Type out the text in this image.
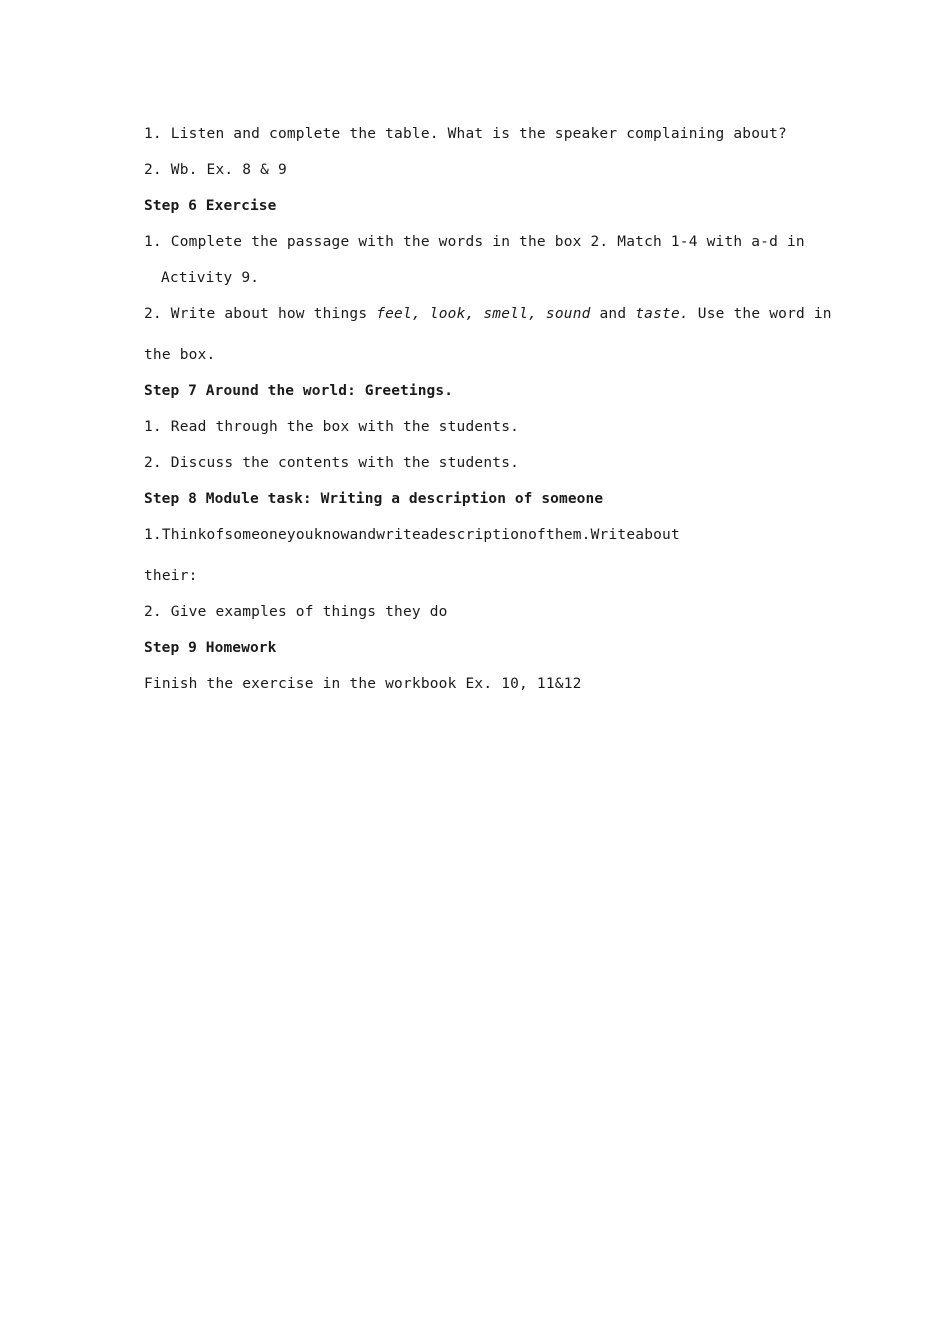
1. Listen and complete the table. What is the speaker complaining about?
2. Wb. Ex. 8 & 9
Step 6 Exercise
1. Complete the passage with the words in the box 2. Match 1-4 with a-d in
Activity 9.
2. Write about how things feel, look, smell, sound and taste. Use the word in
the box.
Step 7 Around the world: Greetings.
1. Read through the box with the students.
2. Discuss the contents with the students.
Step 8 Module task: Writing a description of someone
1.Thinkofsomeoneyouknowandwriteadescriptionofthem.Writeabout
their:
2. Give examples of things they do
Step 9 Homework
Finish the exercise in the workbook Ex. 10, 11&12
